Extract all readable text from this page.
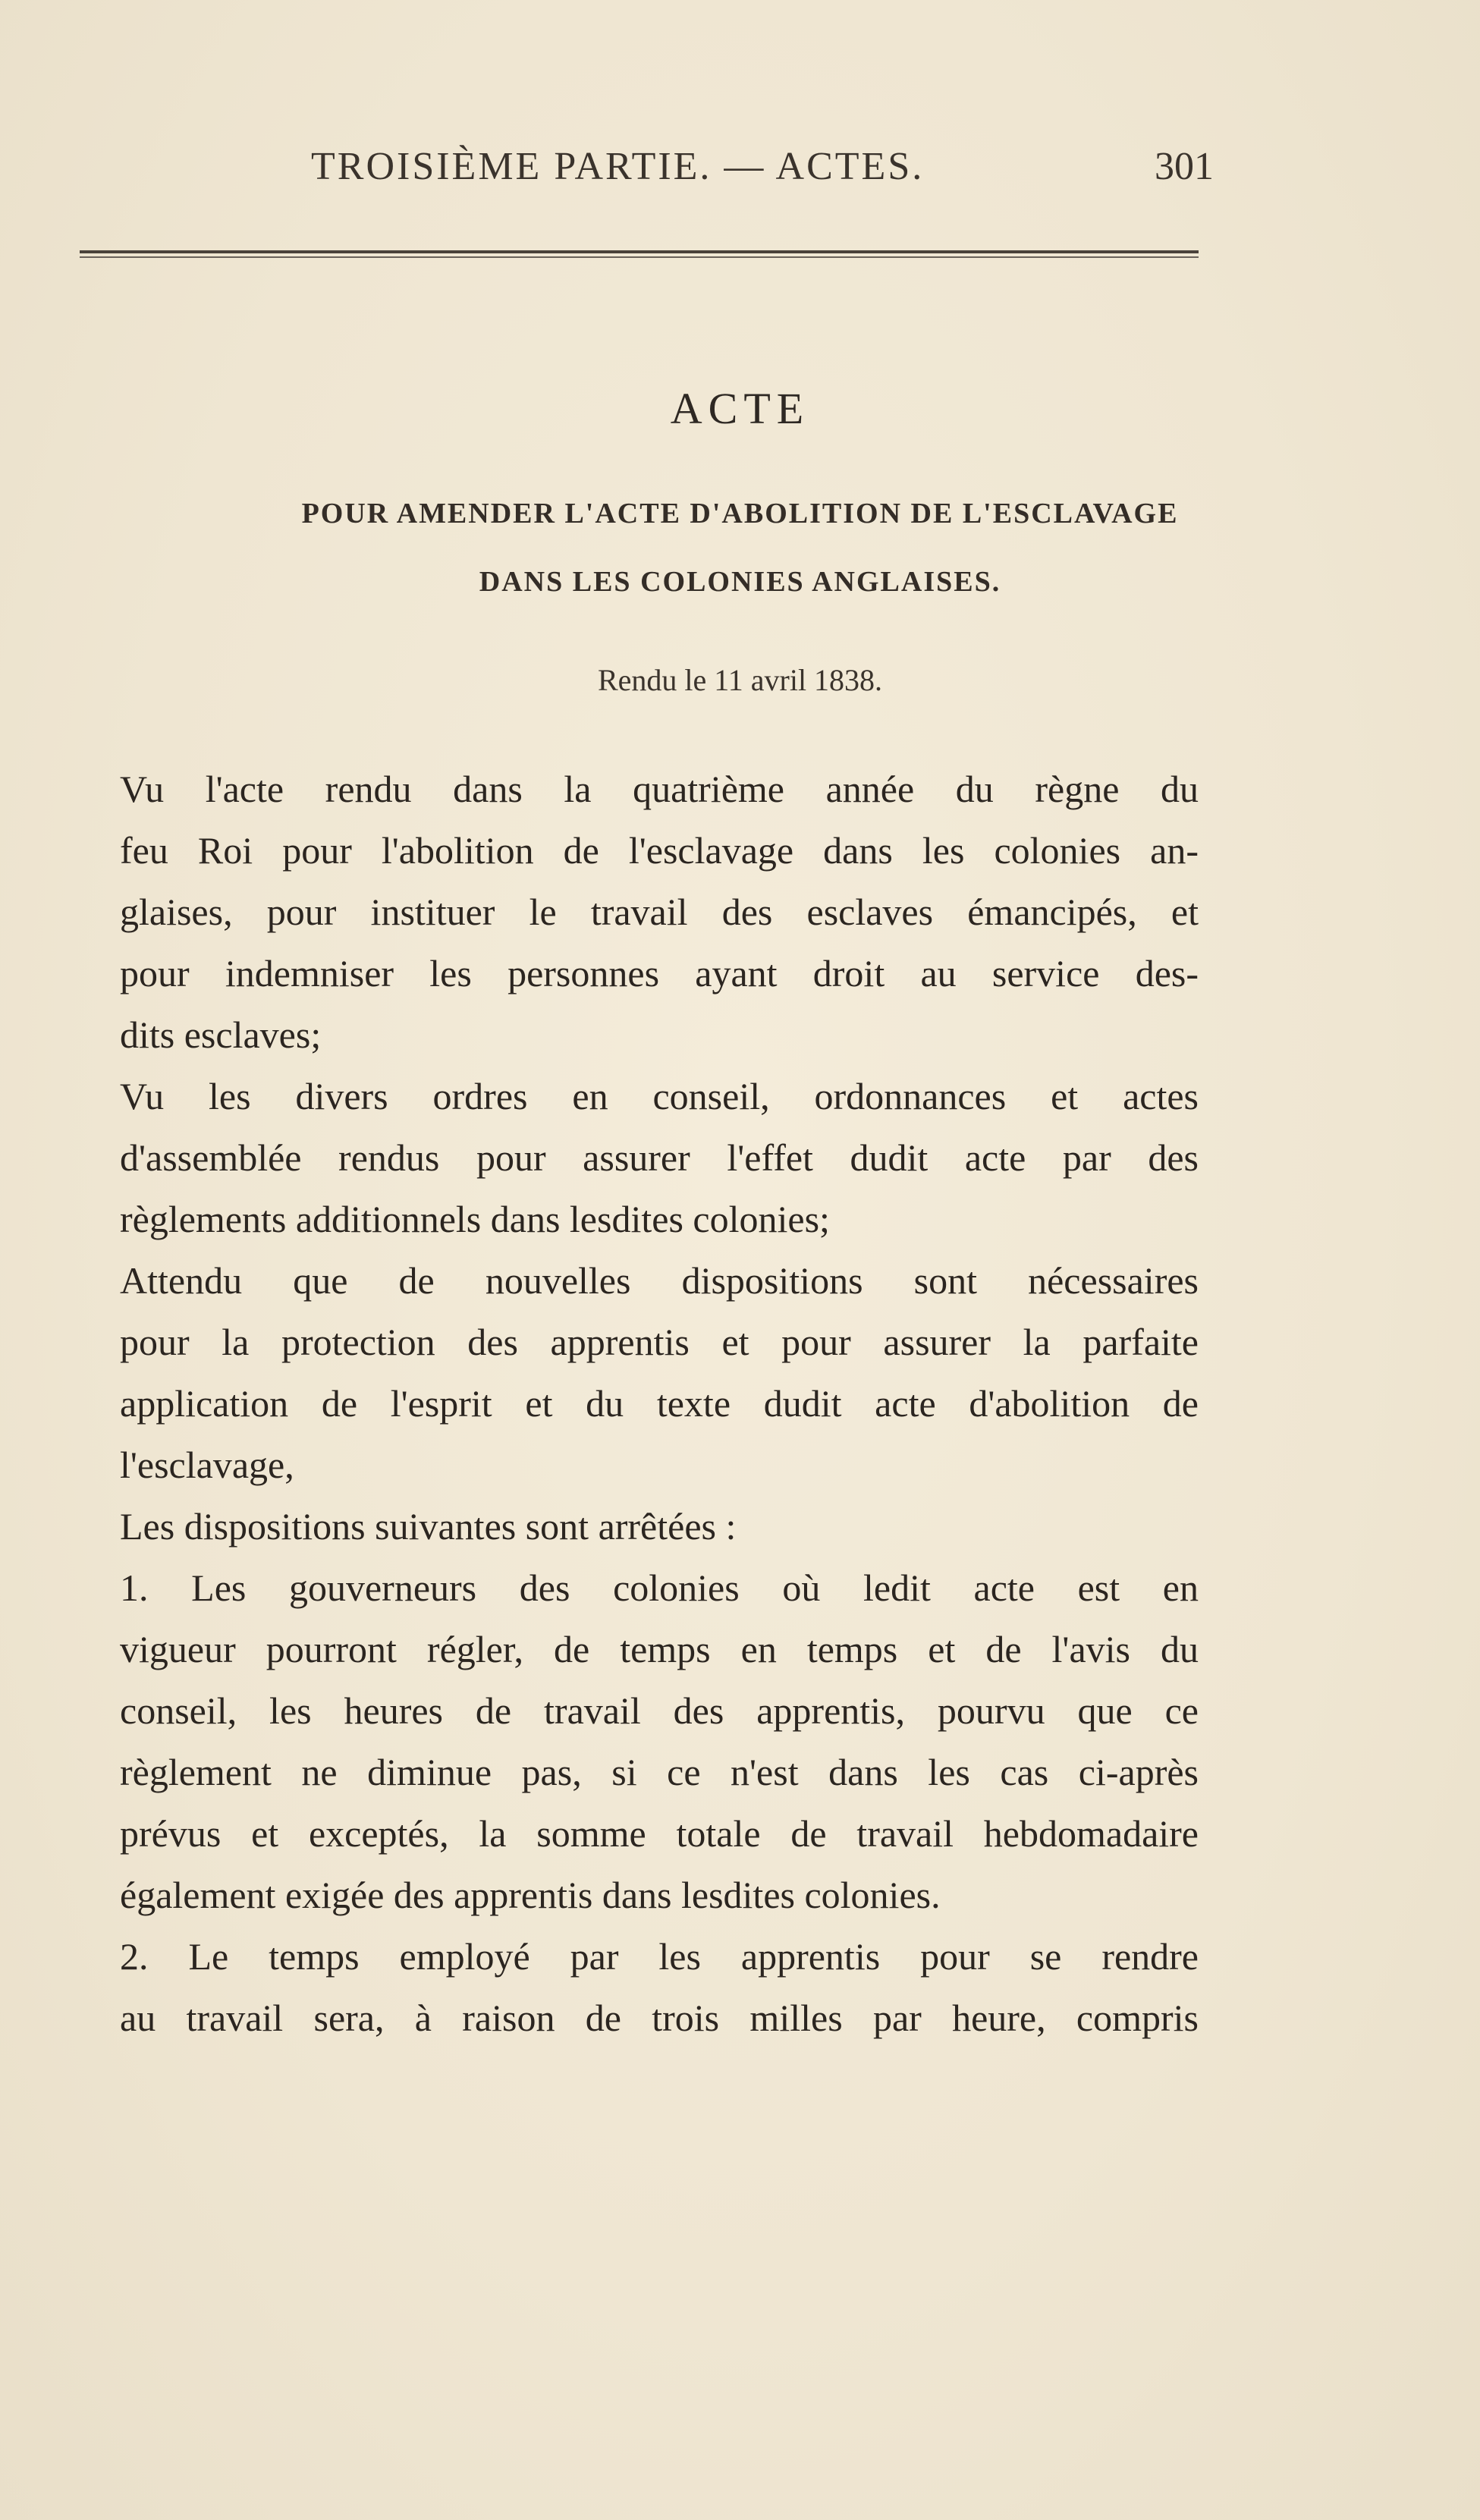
TROISIÈME PARTIE. — ACTES.	301
ACTE
POUR AMENDER L'ACTE D'ABOLITION DE L'ESCLAVAGE
DANS LES COLONIES ANGLAISES.
Rendu le 11 avril 1838.
Vu l'acte rendu dans la quatrième année du règne du
feu Roi pour l'abolition de l'esclavage dans les colonies an-
glaises, pour instituer le travail des esclaves émancipés, et
pour indemniser les personnes ayant droit au service des-
dits esclaves;
Vu les divers ordres en conseil, ordonnances et actes
d'assemblée rendus pour assurer l'effet dudit acte par des
règlements additionnels dans lesdites colonies;
Attendu que de nouvelles dispositions sont nécessaires
pour la protection des apprentis et pour assurer la parfaite
application de l'esprit et du texte dudit acte d'abolition de
l'esclavage,
Les dispositions suivantes sont arrêtées :
1. Les gouverneurs des colonies où ledit acte est en
vigueur pourront régler, de temps en temps et de l'avis du
conseil, les heures de travail des apprentis, pourvu que ce
règlement ne diminue pas, si ce n'est dans les cas ci-après
prévus et exceptés, la somme totale de travail hebdomadaire
également exigée des apprentis dans lesdites colonies.
2. Le temps employé par les apprentis pour se rendre
au travail sera, à raison de trois milles par heure, compris
